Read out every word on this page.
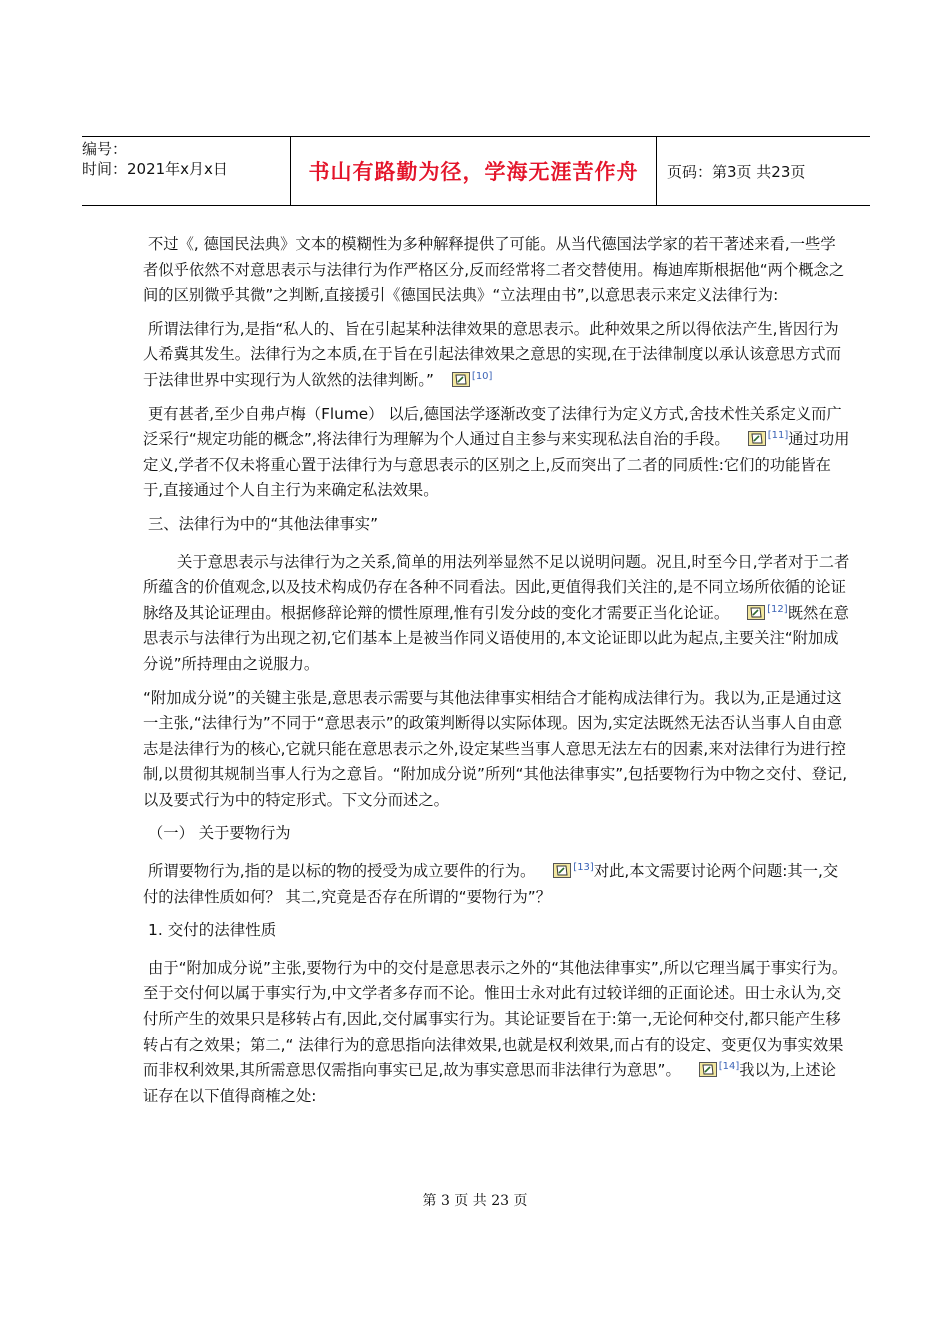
编号：
时间：2021年x月x日	书山有路勤为径，学海无涯苦作舟	页码：第3页 共23页

不过《, 德国民法典》文本的模糊性为多种解释提供了可能。从当代德国法学家的若干著述来看,一些学者似乎依然不对意思表示与法律行为作严格区分,反而经常将二者交替使用。梅迪库斯根据他“两个概念之间的区别微乎其微”之判断,直接援引《德国民法典》“立法理由书”,以意思表示来定义法律行为:

所谓法律行为,是指“私人的、旨在引起某种法律效果的意思表示。此种效果之所以得依法产生,皆因行为人希冀其发生。法律行为之本质,在于旨在引起法律效果之意思的实现,在于法律制度以承认该意思方式而于法律世界中实现行为人欲然的法律判断。”	[10]

更有甚者,至少自弗卢梅（Flume） 以后,德国法学逐渐改变了法律行为定义方式,舍技术性关系定义而广泛采行“规定功能的概念”,将法律行为理解为个人通过自主参与来实现私法自治的手段。	[11]通过功用定义,学者不仅未将重心置于法律行为与意思表示的区别之上,反而突出了二者的同质性:它们的功能皆在于,直接通过个人自主行为来确定私法效果。

三、法律行为中的“其他法律事实”

关于意思表示与法律行为之关系,简单的用法列举显然不足以说明问题。况且,时至今日,学者对于二者所蕴含的价值观念,以及技术构成仍存在各种不同看法。因此,更值得我们关注的,是不同立场所依循的论证脉络及其论证理由。根据修辞论辩的惯性原理,惟有引发分歧的变化才需要正当化论证。	[12]既然在意思表示与法律行为出现之初,它们基本上是被当作同义语使用的,本文论证即以此为起点,主要关注“附加成分说”所持理由之说服力。

“附加成分说”的关键主张是,意思表示需要与其他法律事实相结合才能构成法律行为。我以为,正是通过这一主张,“法律行为”不同于“意思表示”的政策判断得以实际体现。因为,实定法既然无法否认当事人自由意志是法律行为的核心,它就只能在意思表示之外,设定某些当事人意思无法左右的因素,来对法律行为进行控制,以贯彻其规制当事人行为之意旨。“附加成分说”所列“其他法律事实”,包括要物行为中物之交付、登记,以及要式行为中的特定形式。下文分而述之。

（一） 关于要物行为

所谓要物行为,指的是以标的物的授受为成立要件的行为。	[13]对此,本文需要讨论两个问题:其一,交付的法律性质如何？ 其二,究竟是否存在所谓的“要物行为”？

1. 交付的法律性质

由于“附加成分说”主张,要物行为中的交付是意思表示之外的“其他法律事实”,所以它理当属于事实行为。至于交付何以属于事实行为,中文学者多存而不论。惟田士永对此有过较详细的正面论述。田士永认为,交付所产生的效果只是移转占有,因此,交付属事实行为。其论证要旨在于:第一,无论何种交付,都只能产生移转占有之效果；第二,“ 法律行为的意思指向法律效果,也就是权利效果,而占有的设定、变更仅为事实效果而非权利效果,其所需意思仅需指向事实已足,故为事实意思而非法律行为意思”。	[14]我以为,上述论证存在以下值得商榷之处:

第 3 页 共 23 页
